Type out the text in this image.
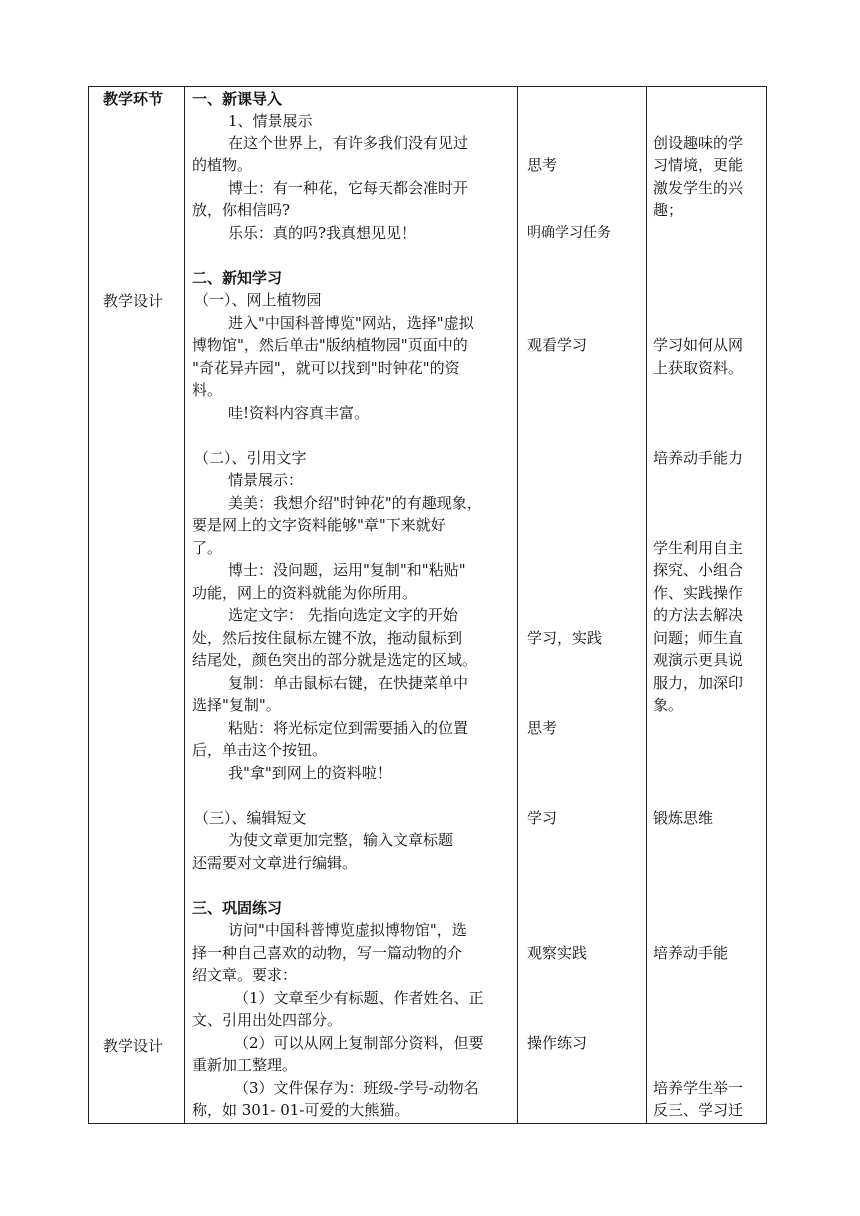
教学环节
教学设计
教学设计
一、新课导入
1、情景展示
在这个世界上，有许多我们没有见过
的植物。
博士：有一种花，它每天都会准时开
放，你相信吗?
乐乐：真的吗?我真想见见！
二、新知学习
（一）、网上植物园
进入"中国科普博览"网站，选择"虚拟
博物馆"，然后单击"版纳植物园"页面中的
"奇花异卉园"，就可以找到"时钟花"的资
料。
哇!资料内容真丰富。
（二）、引用文字
情景展示：
美美：我想介绍"时钟花"的有趣现象，
要是网上的文字资料能够"章"下来就好
了。
博士：没问题，运用"复制"和"粘贴"
功能，网上的资料就能为你所用。
选定文字： 先指向选定文字的开始
处，然后按住鼠标左键不放，拖动鼠标到
结尾处，颜色突出的部分就是选定的区域。
复制：单击鼠标右键，在快捷菜单中
选择"复制"。
粘贴：将光标定位到需要插入的位置
后，单击这个按钮。
我"拿"到网上的资料啦！
（三）、编辑短文
为使文章更加完整，输入文章标题
还需要对文章进行编辑。
三、巩固练习
访问"中国科普博览虚拟博物馆"，选
择一种自己喜欢的动物，写一篇动物的介
绍文章。要求：
（1）文章至少有标题、作者姓名、正
文、引用出处四部分。
（2）可以从网上复制部分资料，但要
重新加工整理。
（3）文件保存为：班级-学号-动物名
称，如 301- 01-可爱的大熊猫。
思考
明确学习任务
观看学习
学习，实践
思考
学习
观察实践
操作练习
创设趣味的学
习情境，更能
激发学生的兴
趣；
学习如何从网
上获取资料。
培养动手能力
学生利用自主
探究、小组合
作、实践操作
的方法去解决
问题；师生直
观演示更具说
服力，加深印
象。
锻炼思维
培养动手能
培养学生举一
反三、学习迁
